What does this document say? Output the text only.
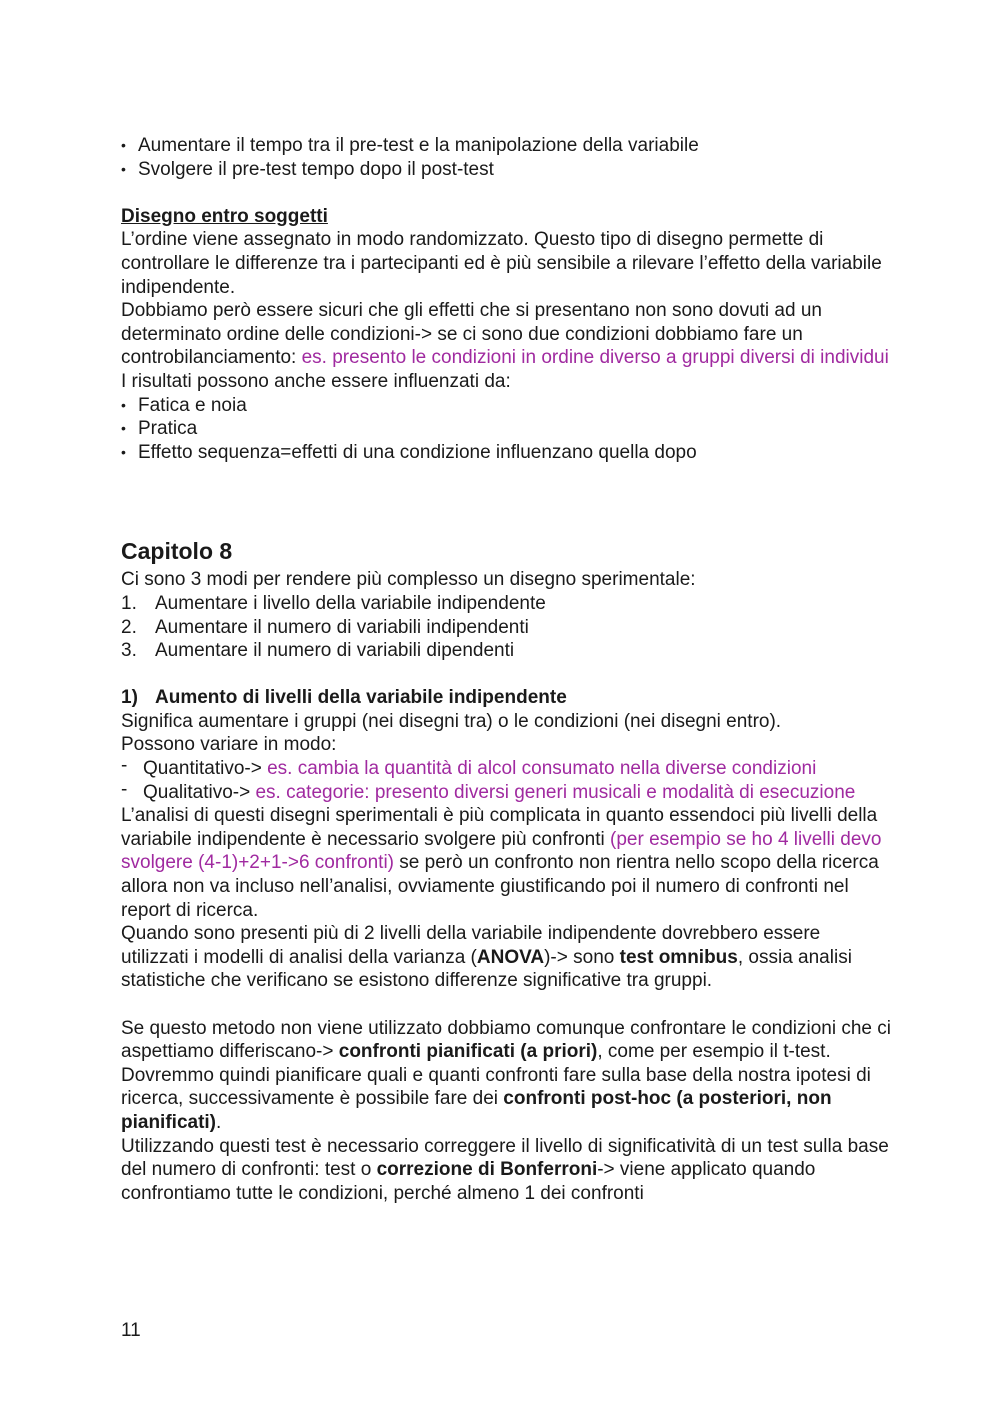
• Aumentare il tempo tra il pre-test e la manipolazione della variabile

• Svolgere il pre-test tempo dopo il post-test

Disegno entro soggetti

L’ordine viene assegnato in modo randomizzato. Questo tipo di disegno permette di controllare le differenze tra i partecipanti ed è più sensibile a rilevare l’effetto della variabile indipendente.

Dobbiamo però essere sicuri che gli effetti che si presentano non sono dovuti ad un determinato ordine delle condizioni-> se ci sono due condizioni dobbiamo fare un controbilanciamento: es. presento le condizioni in ordine diverso a gruppi diversi di individui

I risultati possono anche essere influenzati da:

• Fatica e noia

• Pratica

• Effetto sequenza=effetti di una condizione influenzano quella dopo

Capitolo 8

Ci sono 3 modi per rendere più complesso un disegno sperimentale:

1. Aumentare i livello della variabile indipendente

2. Aumentare il numero di variabili indipendenti

3. Aumentare il numero di variabili dipendenti

1) Aumento di livelli della variabile indipendente

Significa aumentare i gruppi (nei disegni tra) o le condizioni (nei disegni entro).

Possono variare in modo:

- Quantitativo-> es. cambia la quantità di alcol consumato nella diverse condizioni

- Qualitativo-> es. categorie: presento diversi generi musicali e modalità di esecuzione

L’analisi di questi disegni sperimentali è più complicata in quanto essendoci più livelli della variabile indipendente è necessario svolgere più confronti (per esempio se ho 4 livelli devo svolgere (4-1)+2+1->6 confronti) se però un confronto non rientra nello scopo della ricerca allora non va incluso nell’analisi, ovviamente giustificando poi il numero di confronti nel report di ricerca.

Quando sono presenti più di 2 livelli della variabile indipendente dovrebbero essere utilizzati i modelli di analisi della varianza (ANOVA)-> sono test omnibus, ossia analisi statistiche che verificano se esistono differenze significative tra gruppi.

Se questo metodo non viene utilizzato dobbiamo comunque confrontare le condizioni che ci aspettiamo differiscano-> confronti pianificati (a priori), come per esempio il t-test. Dovremmo quindi pianificare quali e quanti confronti fare sulla base della nostra ipotesi di ricerca, successivamente è possibile fare dei confronti post-hoc (a posteriori, non pianificati).

Utilizzando questi test è necessario correggere il livello di significatività di un test sulla base del numero di confronti: test o correzione di Bonferroni-> viene applicato quando confrontiamo tutte le condizioni, perché almeno 1 dei confronti

11
